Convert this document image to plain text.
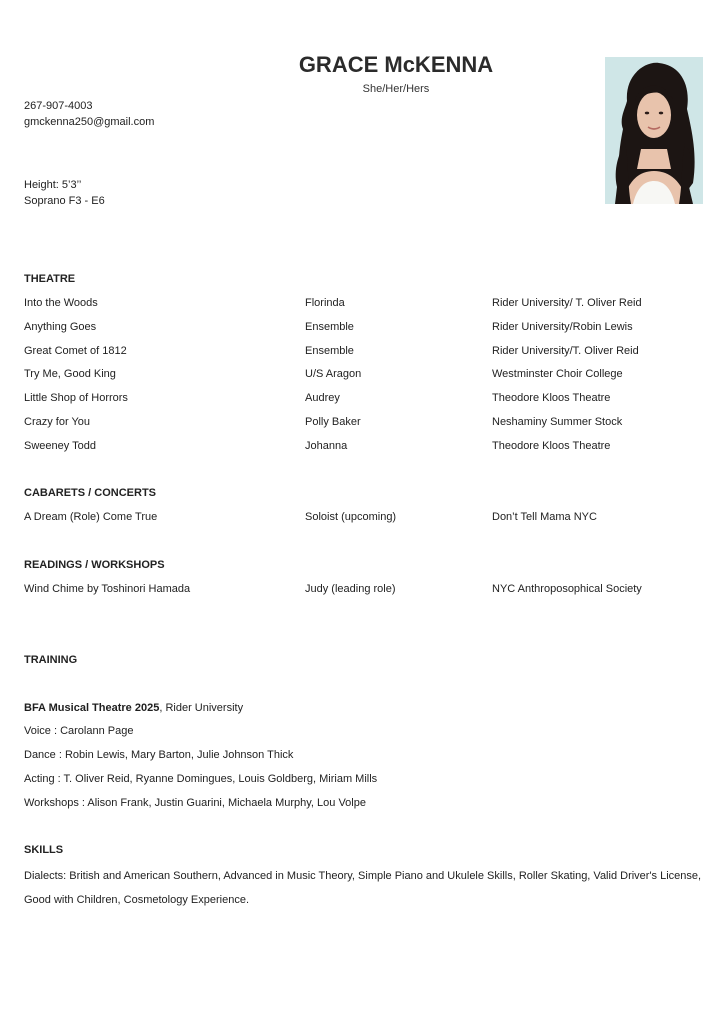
GRACE McKENNA
She/Her/Hers
267-907-4003
gmckenna250@gmail.com
Height: 5’3’’
Soprano F3 - E6
THEATRE
Into the Woods	Florinda	Rider University/ T. Oliver Reid
Anything Goes	Ensemble	Rider University/Robin Lewis
Great Comet of 1812	Ensemble	Rider University/T. Oliver Reid
Try Me, Good King	U/S Aragon	Westminster Choir College
Little Shop of Horrors	Audrey	Theodore Kloos Theatre
Crazy for You	Polly Baker	Neshaminy Summer Stock
Sweeney Todd	Johanna	Theodore Kloos Theatre
CABARETS / CONCERTS
A Dream (Role) Come True	Soloist (upcoming)	Don’t Tell Mama NYC
READINGS / WORKSHOPS
Wind Chime by Toshinori Hamada	Judy (leading role)	NYC Anthroposophical Society
TRAINING
BFA Musical Theatre 2025, Rider University
Voice : Carolann Page
Dance : Robin Lewis, Mary Barton, Julie Johnson Thick
Acting : T. Oliver Reid, Ryanne Domingues, Louis Goldberg, Miriam Mills
Workshops : Alison Frank, Justin Guarini, Michaela Murphy, Lou Volpe
SKILLS
Dialects: British and American Southern, Advanced in Music Theory, Simple Piano and Ukulele Skills, Roller Skating, Valid Driver's License, Good with Children, Cosmetology Experience.
